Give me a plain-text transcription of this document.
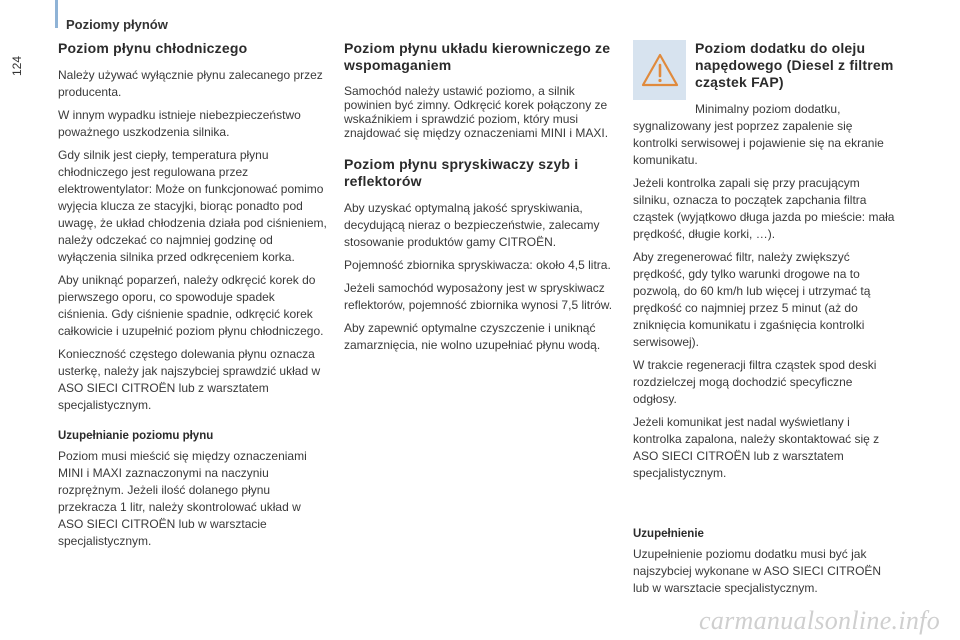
Poziomy płynów
124
Poziom płynu chłodniczego

Należy używać wyłącznie płynu zalecanego przez producenta.

W innym wypadku istnieje niebezpieczeństwo poważnego uszkodzenia silnika.

Gdy silnik jest ciepły, temperatura płynu chłodniczego jest regulowana przez elektrowentylator: Może on funkcjonować pomimo wyjęcia klucza ze stacyjki, biorąc ponadto pod uwagę, że układ chłodzenia działa pod ciśnieniem, należy odczekać co najmniej godzinę od wyłączenia silnika przed odkręceniem korka.

Aby uniknąć poparzeń, należy odkręcić korek do pierwszego oporu, co spowoduje spadek ciśnienia. Gdy ciśnienie spadnie, odkręcić korek całkowicie i uzupełnić poziom płynu chłodniczego.

Konieczność częstego dolewania płynu oznacza usterkę, należy jak najszybciej sprawdzić układ w ASO SIECI CITROËN lub z warsztatem specjalistycznym.

Uzupełnianie poziomu płynu

Poziom musi mieścić się między oznaczeniami MINI i MAXI zaznaczonymi na naczyniu rozprężnym. Jeżeli ilość dolanego płynu przekracza 1 litr, należy skontrolować układ w ASO SIECI CITROËN lub w warsztacie specjalistycznym.

Poziom płynu układu kierowniczego ze wspomaganiem

Samochód należy ustawić poziomo, a silnik powinien być zimny. Odkręcić korek połączony ze wskaźnikiem i sprawdzić poziom, który musi znajdować się między oznaczeniami MINI i MAXI.

Poziom płynu spryskiwaczy szyb i reflektorów

Aby uzyskać optymalną jakość spryskiwania, decydującą nieraz o bezpieczeństwie, zalecamy stosowanie produktów gamy CITROËN.

Pojemność zbiornika spryskiwacza: około 4,5 litra.

Jeżeli samochód wyposażony jest w spryskiwacz reflektorów, pojemność zbiornika wynosi 7,5 litrów.

Aby zapewnić optymalne czyszczenie i uniknąć zamarznięcia, nie wolno uzupełniać płynu wodą.

Poziom dodatku do oleju napędowego (Diesel z filtrem cząstek FAP)

Minimalny poziom dodatku,

sygnalizowany jest poprzez zapalenie się kontrolki serwisowej i pojawienie się na ekranie komunikatu.

Jeżeli kontrolka zapali się przy pracującym silniku, oznacza to początek zapchania filtra cząstek (wyjątkowo długa jazda po mieście: mała prędkość, długie korki, …).

Aby zregenerować filtr, należy zwiększyć prędkość, gdy tylko warunki drogowe na to pozwolą, do 60 km/h lub więcej i utrzymać tą prędkość co najmniej przez 5 minut (aż do zniknięcia komunikatu i zgaśnięcia kontrolki serwisowej).

W trakcie regeneracji filtra cząstek spod deski rozdzielczej mogą dochodzić specyficzne odgłosy.

Jeżeli komunikat jest nadal wyświetlany i kontrolka zapalona, należy skontaktować się z ASO SIECI CITROËN lub z warsztatem specjalistycznym.

Uzupełnienie

Uzupełnienie poziomu dodatku musi być jak najszybciej wykonane w ASO SIECI CITROËN lub w warsztacie specjalistycznym.

carmanualsonline.info
